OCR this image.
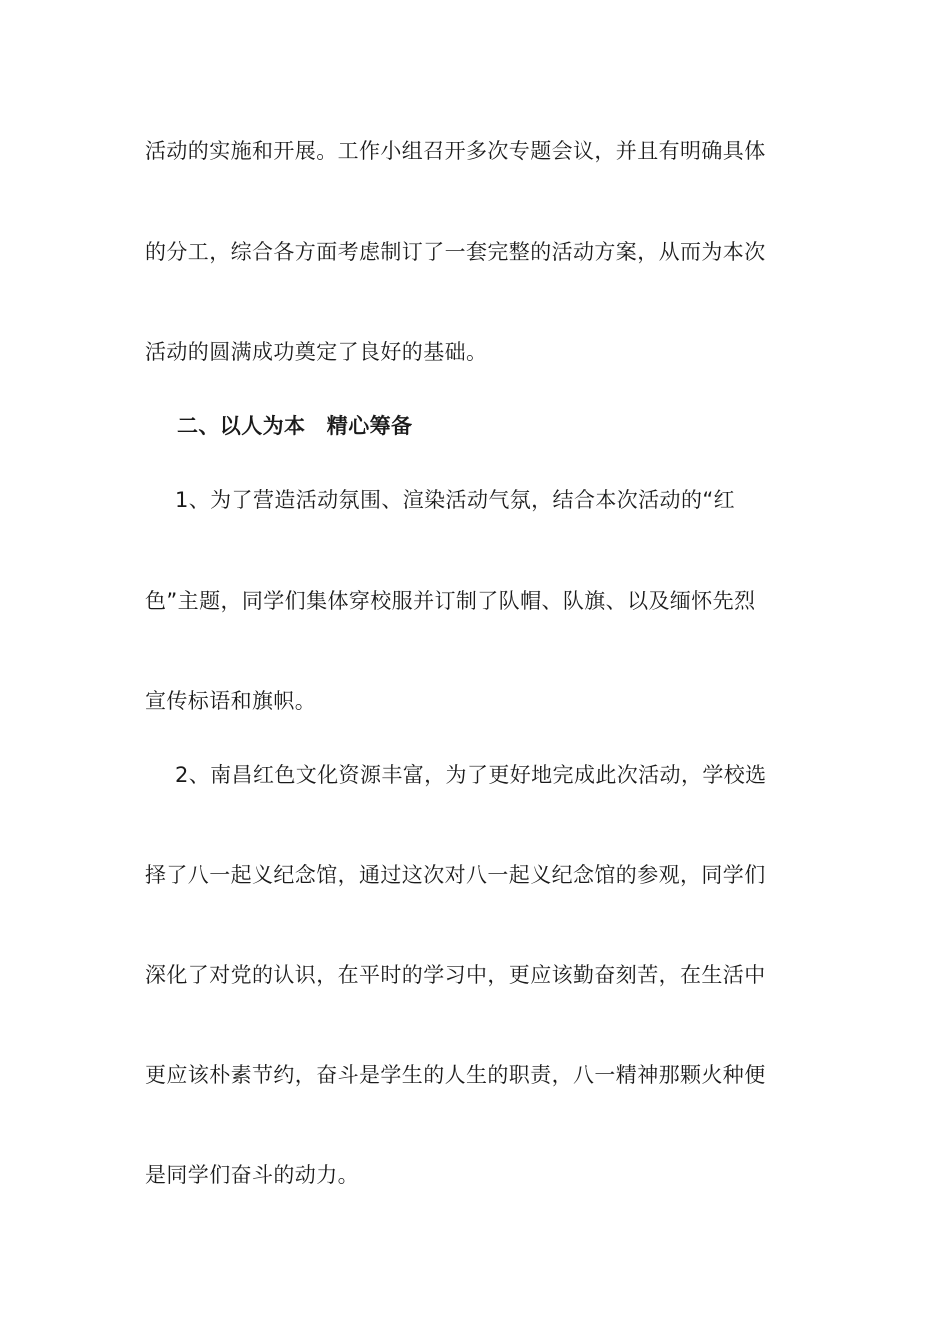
活动的实施和开展。工作小组召开多次专题会议，并且有明确具体
的分工，综合各方面考虑制订了一套完整的活动方案，从而为本次
活动的圆满成功奠定了良好的基础。
二、以人为本　精心筹备
1、为了营造活动氛围、渲染活动气氛，结合本次活动的“红
色”主题，同学们集体穿校服并订制了队帽、队旗、以及缅怀先烈
宣传标语和旗帜。
2、南昌红色文化资源丰富，为了更好地完成此次活动，学校选
择了八一起义纪念馆，通过这次对八一起义纪念馆的参观，同学们
深化了对党的认识，在平时的学习中，更应该勤奋刻苦，在生活中
更应该朴素节约，奋斗是学生的人生的职责，八一精神那颗火种便
是同学们奋斗的动力。
